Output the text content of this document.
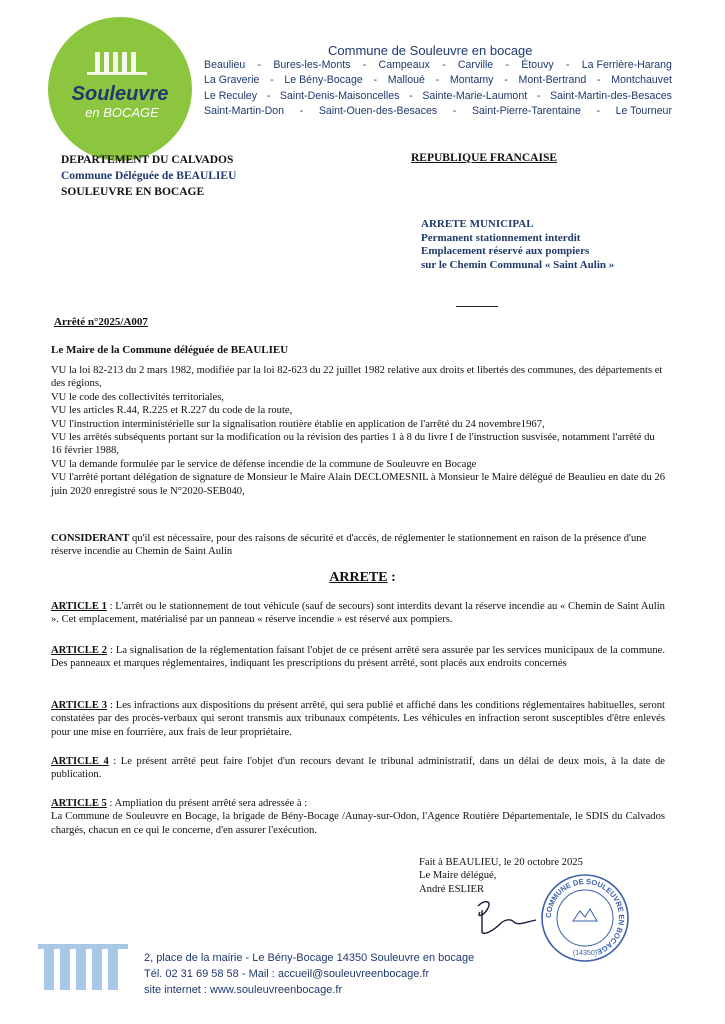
Souleuvre
en BOCAGE
Commune de Souleuvre en bocage
Beaulieu - Bures-les-Monts - Campeaux - Carville - Étouvy - La Ferrière-Harang
La Graverie - Le Bény-Bocage - Malloué - Montamy - Mont-Bertrand - Montchauvet
Le Reculey - Saint-Denis-Maisoncelles - Sainte-Marie-Laumont - Saint-Martin-des-Besaces
Saint-Martin-Don - Saint-Ouen-des-Besaces - Saint-Pierre-Tarentaine - Le Tourneur
DEPARTEMENT DU CALVADOS
Commune Déléguée de BEAULIEU
SOULEUVRE EN BOCAGE
REPUBLIQUE FRANCAISE
ARRETE MUNICIPAL
Permanent stationnement interdit
Emplacement réservé aux pompiers
sur le Chemin Communal « Saint Aulin »
Arrêté n°2025/A007
Le Maire de la Commune déléguée de BEAULIEU
VU la loi 82-213 du 2 mars 1982, modifiée par la loi 82-623 du 22 juillet 1982 relative aux droits et libertés des communes, des départements et des régions,
VU le code des collectivités territoriales,
VU les articles R.44, R.225 et R.227 du code de la route,
VU l'instruction interministérielle sur la signalisation routière établie en application de l'arrêté du 24 novembre1967,
VU les arrêtés subséquents portant sur la modification ou la révision des parties 1 à 8 du livre I de l'instruction susvisée, notamment l'arrêté du 16 février 1988,
VU la demande formulée par le service de défense incendie de la commune de Souleuvre en Bocage
VU l'arrêté portant délégation de signature de Monsieur le Maire Alain DECLOMESNIL à Monsieur le Maire délégué de Beaulieu en date du 26 juin 2020 enregistré sous le N°2020-SEB040,
CONSIDERANT qu'il est nécessaire, pour des raisons de sécurité et d'accès, de réglementer le stationnement en raison de la présence d'une réserve incendie au Chemin de Saint Aulin
ARRETE :
ARTICLE 1 : L'arrêt ou le stationnement de tout véhicule (sauf de secours) sont interdits devant la réserve incendie au « Chemin de Saint Aulin ». Cet emplacement, matérialisé par un panneau « réserve incendie » est réservé aux pompiers.
ARTICLE 2 : La signalisation de la réglementation faisant l'objet de ce présent arrêté sera assurée par les services municipaux de la commune. Des panneaux et marques réglementaires, indiquant les prescriptions du présent arrêté, sont placés aux endroits concernés
ARTICLE 3 : Les infractions aux dispositions du présent arrêté, qui sera publié et affiché dans les conditions réglementaires habituelles, seront constatées par des procès-verbaux qui seront transmis aux tribunaux compétents. Les véhicules en infraction seront susceptibles d'être enlevés pour une mise en fourrière, aux frais de leur propriétaire.
ARTICLE 4 : Le présent arrêté peut faire l'objet d'un recours devant le tribunal administratif, dans un délai de deux mois, à la date de publication.
ARTICLE 5 : Ampliation du présent arrêté sera adressée à :
La Commune de Souleuvre en Bocage, la brigade de Bény-Bocage /Aunay-sur-Odon, l'Agence Routière Départementale, le SDIS du Calvados chargés, chacun en ce qui le concerne, d'en assurer l'exécution.
Fait à BEAULIEU, le 20 octobre 2025
Le Maire délégué,
André ESLIER
COMMUNE DE SOULEUVRE EN BOCAGE
(14350)
2, place de la mairie - Le Bény-Bocage 14350 Souleuvre en bocage
Tél. 02 31 69 58 58 - Mail : accueil@souleuvreenbocage.fr
site internet : www.souleuvreenbocage.fr
